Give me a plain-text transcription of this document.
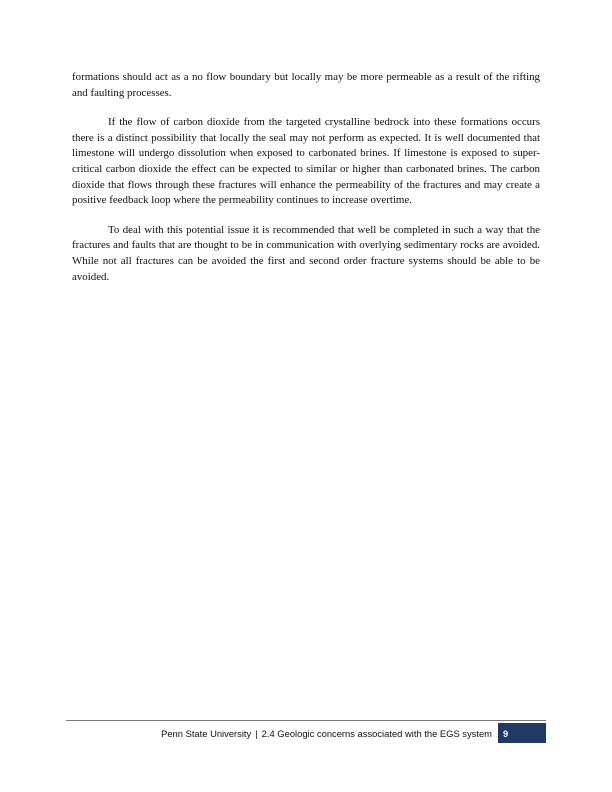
formations should act as a no flow boundary but locally may be more permeable as a result of the rifting and faulting processes.

If the flow of carbon dioxide from the targeted crystalline bedrock into these formations occurs there is a distinct possibility that locally the seal may not perform as expected. It is well documented that limestone will undergo dissolution when exposed to carbonated brines. If limestone is exposed to super-critical carbon dioxide the effect can be expected to similar or higher than carbonated brines. The carbon dioxide that flows through these fractures will enhance the permeability of the fractures and may create a positive feedback loop where the permeability continues to increase overtime.

To deal with this potential issue it is recommended that well be completed in such a way that the fractures and faults that are thought to be in communication with overlying sedimentary rocks are avoided. While not all fractures can be avoided the first and second order fracture systems should be able to be avoided.

Penn State University | 2.4 Geologic concerns associated with the EGS system 9
